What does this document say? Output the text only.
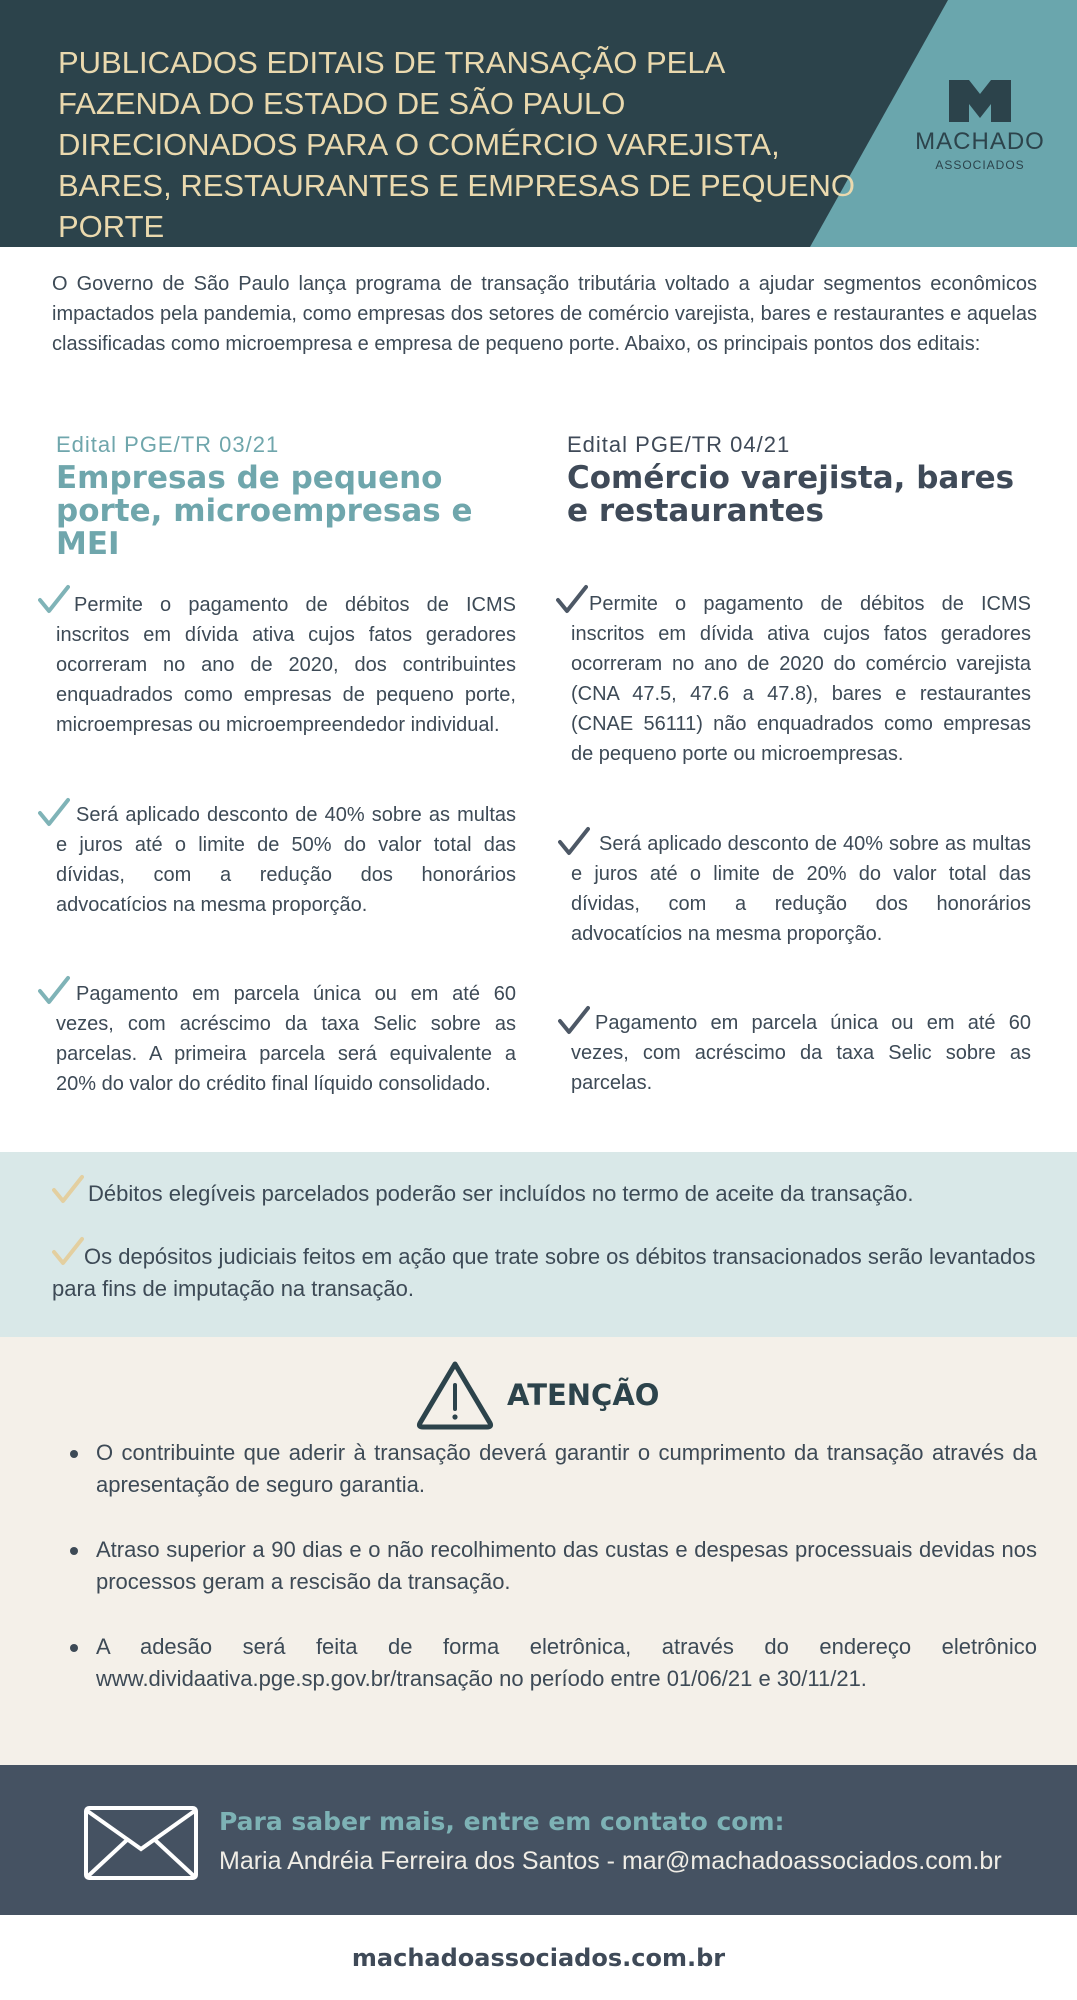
PUBLICADOS EDITAIS DE TRANSAÇÃO PELA FAZENDA DO ESTADO DE SÃO PAULO DIRECIONADOS PARA O COMÉRCIO VAREJISTA, BARES, RESTAURANTES E EMPRESAS DE PEQUENO PORTE
MACHADO
ASSOCIADOS

O Governo de São Paulo lança programa de transação tributária voltado a ajudar segmentos econômicos impactados pela pandemia, como empresas dos setores de comércio varejista, bares e restaurantes e aquelas classificadas como microempresa e empresa de pequeno porte. Abaixo, os principais pontos dos editais:

Edital PGE/TR 03/21

Empresas de pequeno porte, microempresas e MEI

Permite o pagamento de débitos de ICMS inscritos em dívida ativa cujos fatos geradores ocorreram no ano de 2020, dos contribuintes enquadrados como empresas de pequeno porte, microempresas ou microempreendedor individual.

Será aplicado desconto de 40% sobre as multas e juros até o limite de 50% do valor total das dívidas, com a redução dos honorários advocatícios na mesma proporção.

Pagamento em parcela única ou em até 60 vezes, com acréscimo da taxa Selic sobre as parcelas. A primeira parcela será equivalente a 20% do valor do crédito final líquido consolidado.

Edital PGE/TR 04/21

Comércio varejista, bares e restaurantes

Permite o pagamento de débitos de ICMS inscritos em dívida ativa cujos fatos geradores ocorreram no ano de 2020 do comércio varejista (CNA 47.5, 47.6 a 47.8), bares e restaurantes (CNAE 56111) não enquadrados como empresas de pequeno porte ou microempresas.

Será aplicado desconto de 40% sobre as multas e juros até o limite de 20% do valor total das dívidas, com a redução dos honorários advocatícios na mesma proporção.

Pagamento em parcela única ou em até 60 vezes, com acréscimo da taxa Selic sobre as parcelas.

Débitos elegíveis parcelados poderão ser incluídos no termo de aceite da transação.

Os depósitos judiciais feitos em ação que trate sobre os débitos transacionados serão levantados para fins de imputação na transação.

ATENÇÃO
O contribuinte que aderir à transação deverá garantir o cumprimento da transação através da apresentação de seguro garantia.
Atraso superior a 90 dias e o não recolhimento das custas e despesas processuais devidas nos processos geram a rescisão da transação.
A adesão será feita de forma eletrônica, através do endereço eletrônico www.dividaativa.pge.sp.gov.br/transação no período entre 01/06/21 e 30/11/21.

Para saber mais, entre em contato com:

Maria Andréia Ferreira dos Santos - mar@machadoassociados.com.br

machadoassociados.com.br
